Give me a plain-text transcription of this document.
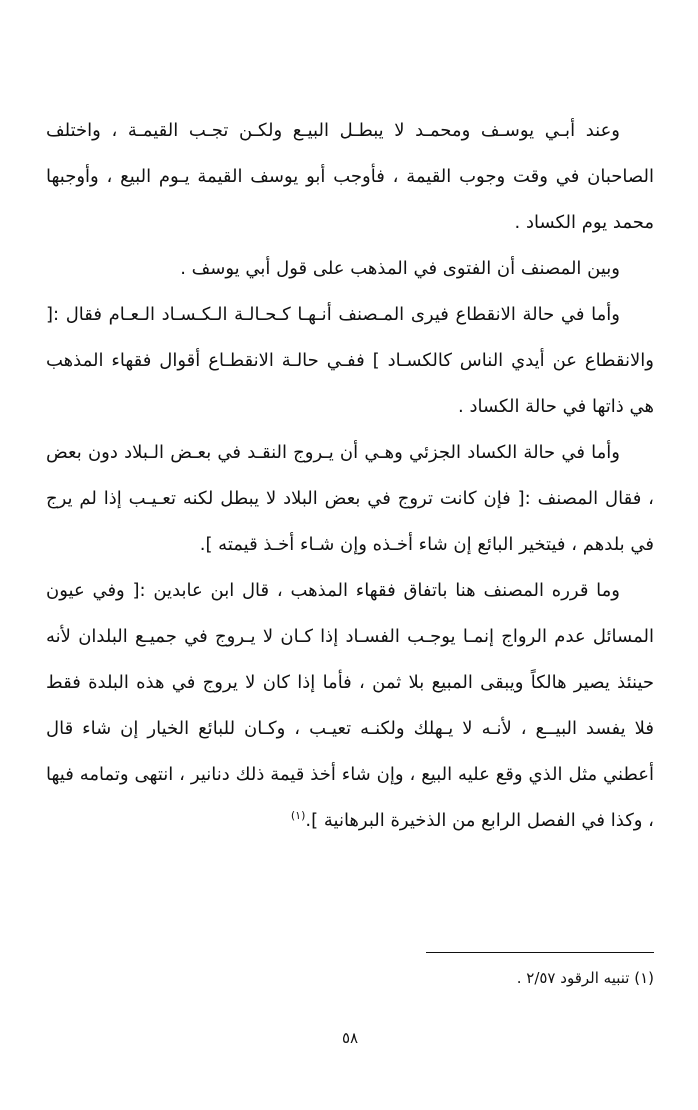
وعند أبـي يوسـف ومحمـد لا يبطـل البيـع ولكـن تجـب القيمـة ، واختلف الصاحبان في وقت وجوب القيمة ، فأوجب أبو يوسف القيمة يـوم البيع ، وأوجبها محمد يوم الكساد .

وبين المصنف أن الفتوى في المذهب على قول أبي يوسف .

وأما في حالة الانقطاع فيرى المـصنف أنـهـا كـحـالـة الـكـسـاد الـعـام فقال :[ والانقطاع عن أيدي الناس كالكسـاد ] ففـي حالـة الانقطـاع أقوال فقهاء المذهب هي ذاتها في حالة الكساد .

وأما في حالة الكساد الجزئي وهـي أن يـروج النقـد في بعـض الـبلاد دون بعض ، فقال المصنف :[ فإن كانت تروج في بعض البلاد لا يبطل لكنه تعـيـب إذا لم يرج في بلدهم ، فيتخير البائع إن شاء أخـذه وإن شـاء أخـذ قيمته ].

وما قرره المصنف هنا باتفاق فقهاء المذهب ، قال ابن عابدين :[ وفي عيون المسائل عدم الرواج إنمـا يوجـب الفسـاد إذا كـان لا يـروج في جميـع البلدان لأنه حينئذ يصير هالكاً ويبقى المبيع بلا ثمن ، فأما إذا كان لا يروج في هذه البلدة فقط فلا يفسد البيــع ، لأنـه لا يـهلك ولكنـه تعيـب ، وكـان للبائع الخيار إن شاء قال أعطني مثل الذي وقع عليه البيع ، وإن شاء أخذ قيمة ذلك دنانير ، انتهى وتمامه فيها ، وكذا في الفصل الرابع من الذخيرة البرهانية ].$^{(١)}$

(١) تنبيه الرقود ٢/٥٧ .
٥٨
